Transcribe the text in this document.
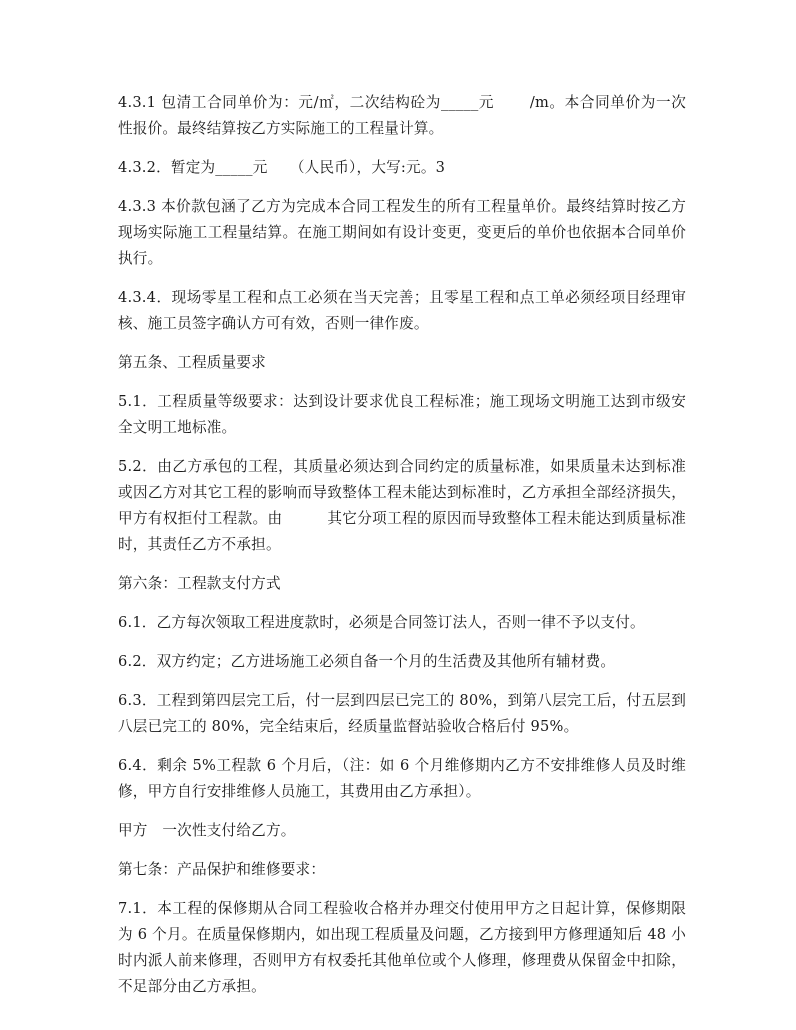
4.3.1 包清工合同单价为：元/㎡，二次结构砼为_____元　　 /m。本合同单价为一次性报价。最终结算按乙方实际施工的工程量计算。

4.3.2．暂定为_____元　　（人民币），大写:元。3

4.3.3 本价款包涵了乙方为完成本合同工程发生的所有工程量单价。最终结算时按乙方现场实际施工工程量结算。在施工期间如有设计变更，变更后的单价也依据本合同单价执行。

4.3.4．现场零星工程和点工必须在当天完善；且零星工程和点工单必须经项目经理审核、施工员签字确认方可有效，否则一律作废。

第五条、工程质量要求

5.1．工程质量等级要求：达到设计要求优良工程标准；施工现场文明施工达到市级安全文明工地标准。

5.2．由乙方承包的工程，其质量必须达到合同约定的质量标准，如果质量未达到标准或因乙方对其它工程的影响而导致整体工程未能达到标准时，乙方承担全部经济损失，甲方有权拒付工程款。由　　　其它分项工程的原因而导致整体工程未能达到质量标准时，其责任乙方不承担。

第六条：工程款支付方式

6.1．乙方每次领取工程进度款时，必须是合同签订法人，否则一律不予以支付。

6.2．双方约定；乙方进场施工必须自备一个月的生活费及其他所有辅材费。

6.3．工程到第四层完工后，付一层到四层已完工的 80%，到第八层完工后，付五层到八层已完工的 80%，完全结束后，经质量监督站验收合格后付 95%。

6.4．剩余 5%工程款 6 个月后，（注：如 6 个月维修期内乙方不安排维修人员及时维修，甲方自行安排维修人员施工，其费用由乙方承担）。

甲方　一次性支付给乙方。

第七条：产品保护和维修要求：

7.1．本工程的保修期从合同工程验收合格并办理交付使用甲方之日起计算，保修期限为 6 个月。在质量保修期内，如出现工程质量及问题，乙方接到甲方修理通知后 48 小时内派人前来修理，否则甲方有权委托其他单位或个人修理，修理费从保留金中扣除，不足部分由乙方承担。
